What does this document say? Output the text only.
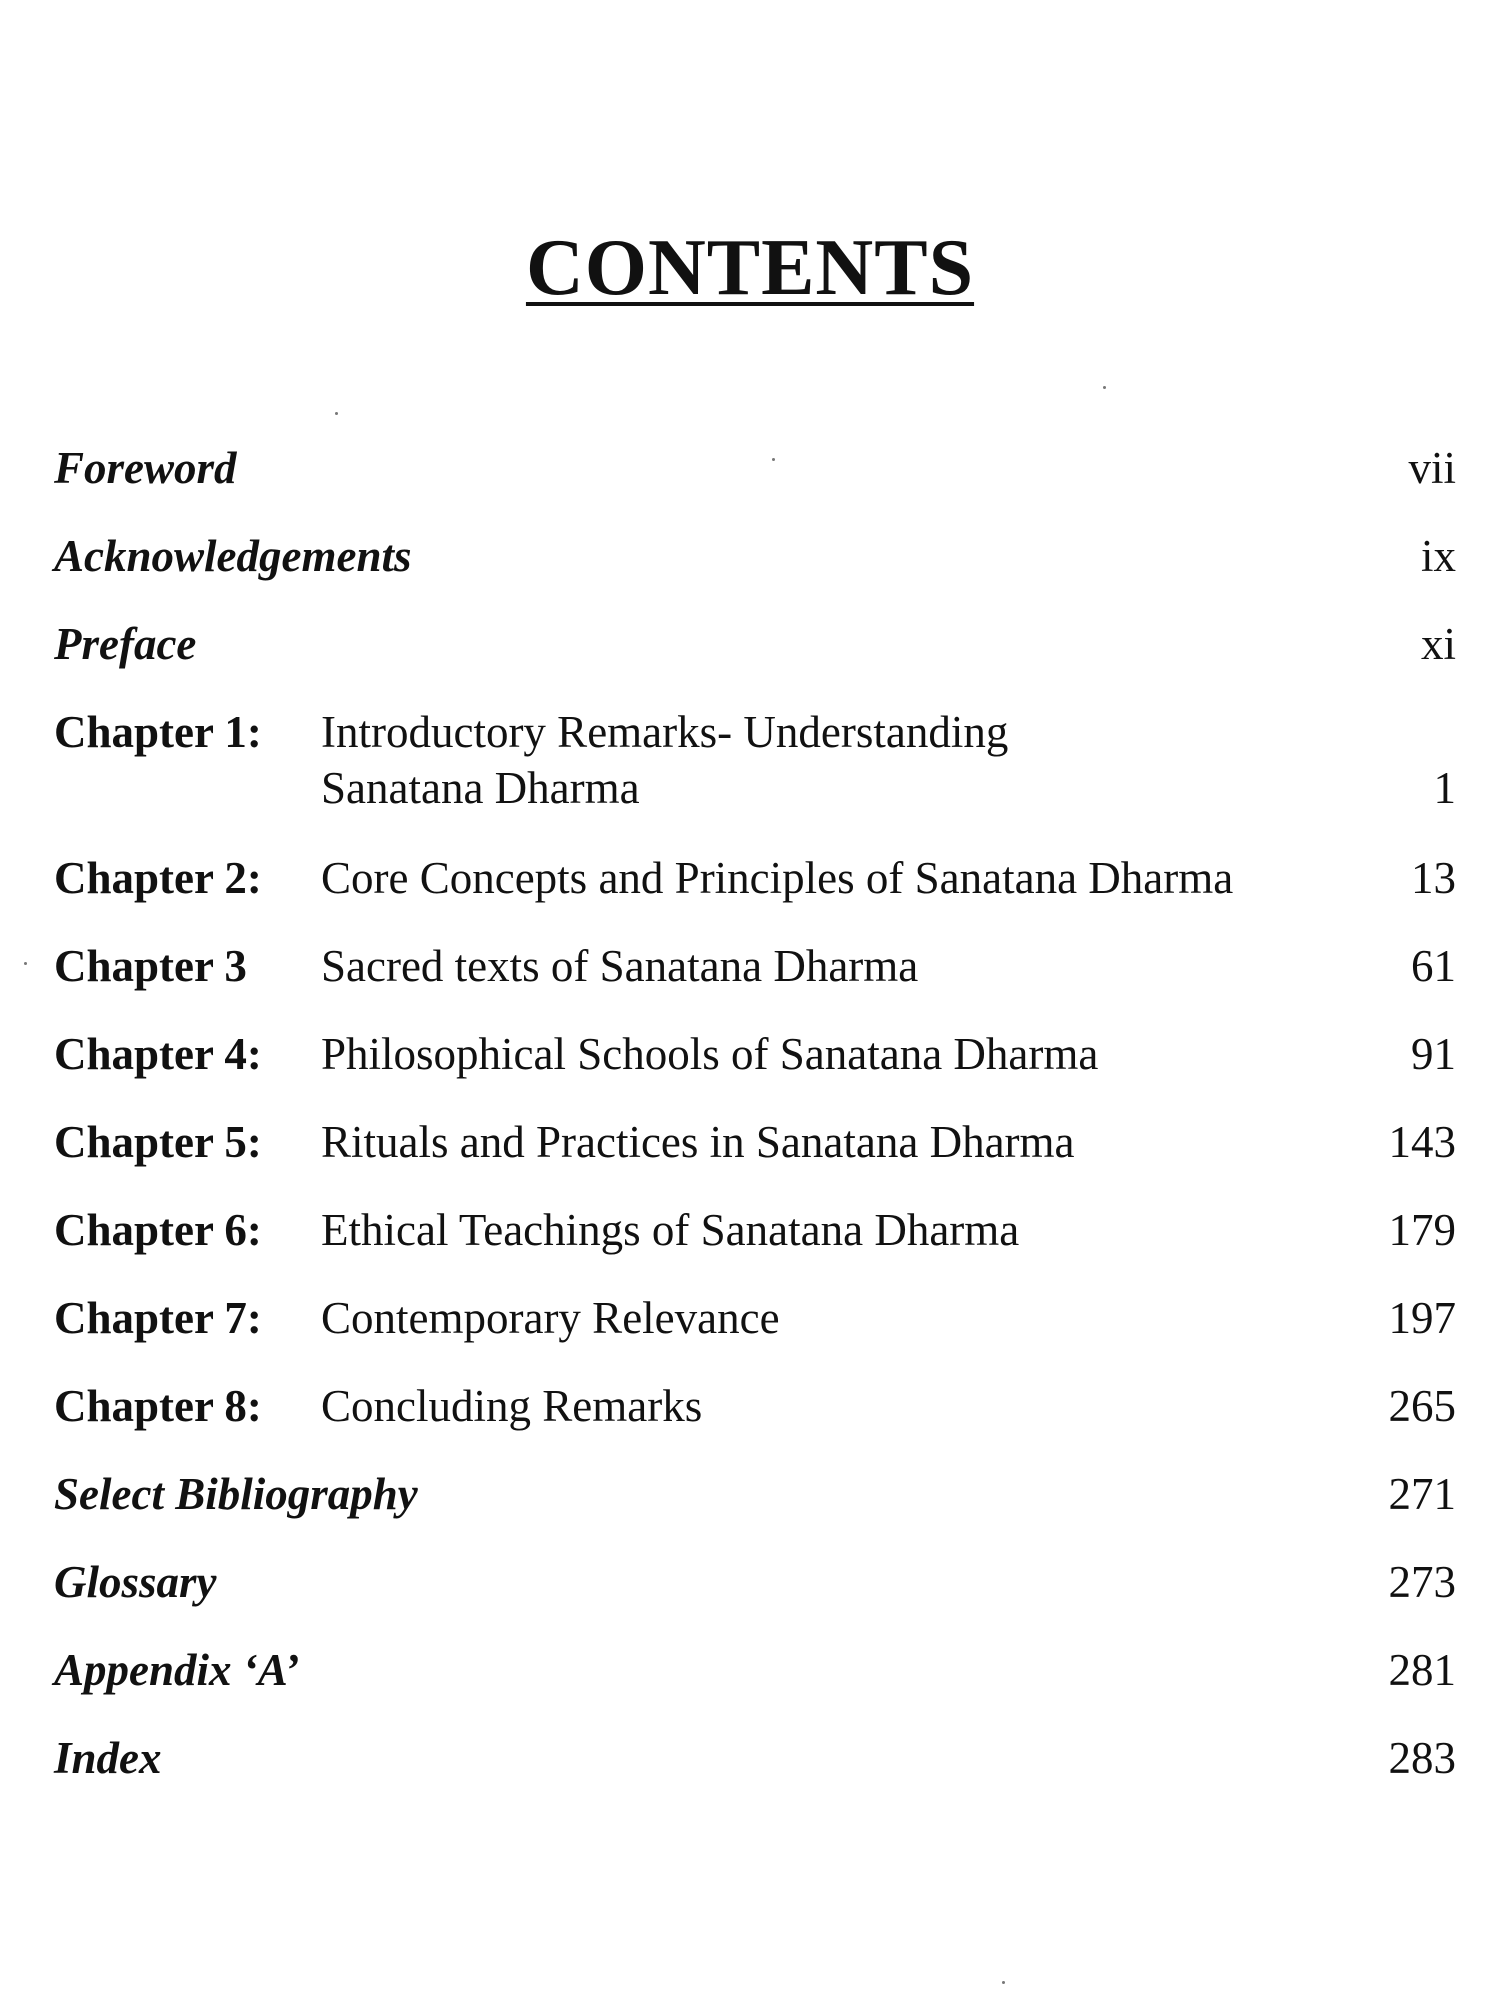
CONTENTS
Foreword	vii
Acknowledgements	ix
Preface	xi
Chapter 1: Introductory Remarks- Understanding
Sanatana Dharma	1
Chapter 2: Core Concepts and Principles of Sanatana Dharma	13
Chapter 3 Sacred texts of Sanatana Dharma	61
Chapter 4: Philosophical Schools of Sanatana Dharma	91
Chapter 5: Rituals and Practices in Sanatana Dharma	143
Chapter 6: Ethical Teachings of Sanatana Dharma	179
Chapter 7: Contemporary Relevance	197
Chapter 8: Concluding Remarks	265
Select Bibliography	271
Glossary	273
Appendix ‘A’	281
Index	283
